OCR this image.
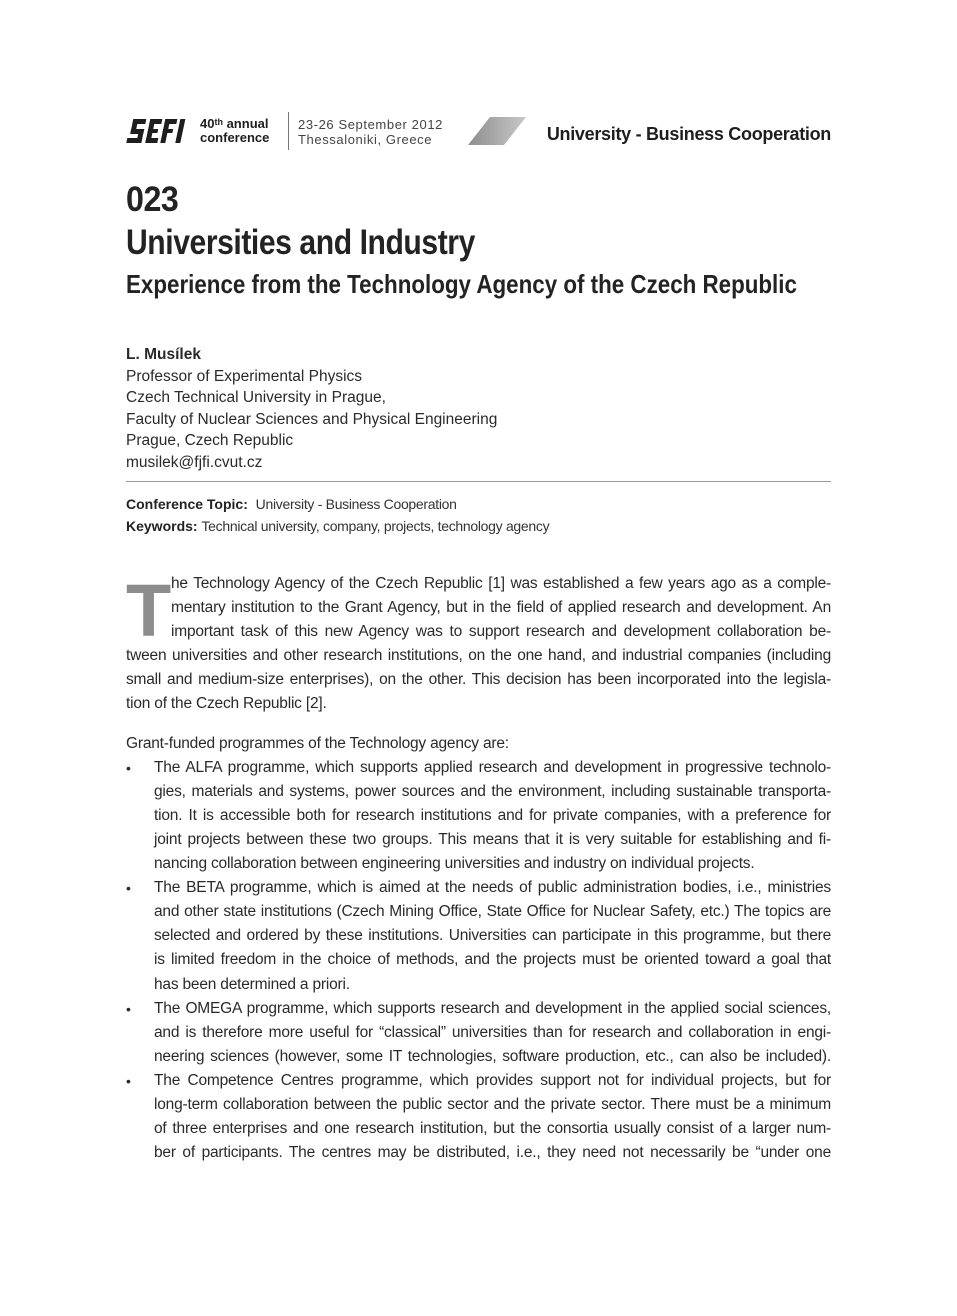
40th annual
conference
23-26 September 2012
Thessaloniki, Greece	University - Business Cooperation
023
Universities and Industry
Experience from the Technology Agency of the Czech Republic
L. Musílek
Professor of Experimental Physics
Czech Technical University in Prague,
Faculty of Nuclear Sciences and Physical Engineering
Prague, Czech Republic
musilek@fjfi.cvut.cz
Conference Topic: University - Business Cooperation
Keywords: Technical university, company, projects, technology agency
T he Technology Agency of the Czech Republic [1] was established a few years ago as a comple-
mentary institution to the Grant Agency, but in the field of applied research and development. An
important task of this new Agency was to support research and development collaboration be-
tween universities and other research institutions, on the one hand, and industrial companies (including
small and medium-size enterprises), on the other. This decision has been incorporated into the legisla-
tion of the Czech Republic [2].
Grant-funded programmes of the Technology agency are:
• The ALFA programme, which supports applied research and development in progressive technolo-
gies, materials and systems, power sources and the environment, including sustainable transporta-
tion. It is accessible both for research institutions and for private companies, with a preference for
joint projects between these two groups. This means that it is very suitable for establishing and fi-
nancing collaboration between engineering universities and industry on individual projects.
• The BETA programme, which is aimed at the needs of public administration bodies, i.e., ministries
and other state institutions (Czech Mining Office, State Office for Nuclear Safety, etc.) The topics are
selected and ordered by these institutions. Universities can participate in this programme, but there
is limited freedom in the choice of methods, and the projects must be oriented toward a goal that
has been determined a priori.
• The OMEGA programme, which supports research and development in the applied social sciences,
and is therefore more useful for “classical” universities than for research and collaboration in engi-
neering sciences (however, some IT technologies, software production, etc., can also be included).
• The Competence Centres programme, which provides support not for individual projects, but for
long-term collaboration between the public sector and the private sector. There must be a minimum
of three enterprises and one research institution, but the consortia usually consist of a larger num-
ber of participants. The centres may be distributed, i.e., they need not necessarily be “under one
